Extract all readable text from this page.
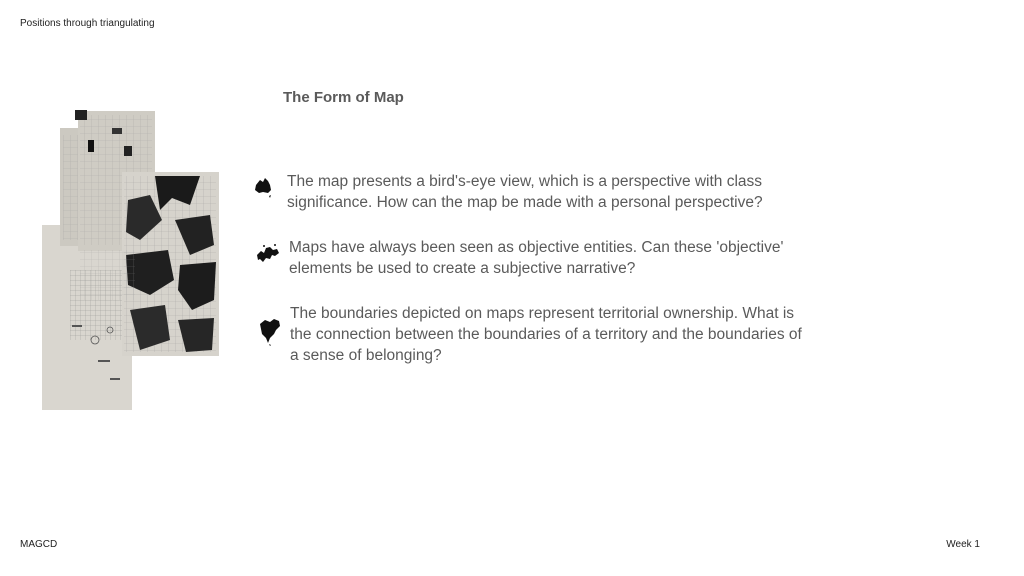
Positions through triangulating
The Form of Map
The map presents a bird's-eye view, which is a perspective with class significance. How can the map be made with a personal perspective?
Maps have always been seen as objective entities. Can these 'objective' elements be used to create a subjective narrative?
The boundaries depicted on maps represent territorial ownership. What is the connection between the boundaries of a territory and the boundaries of a sense of belonging?
MAGCD	Week 1
